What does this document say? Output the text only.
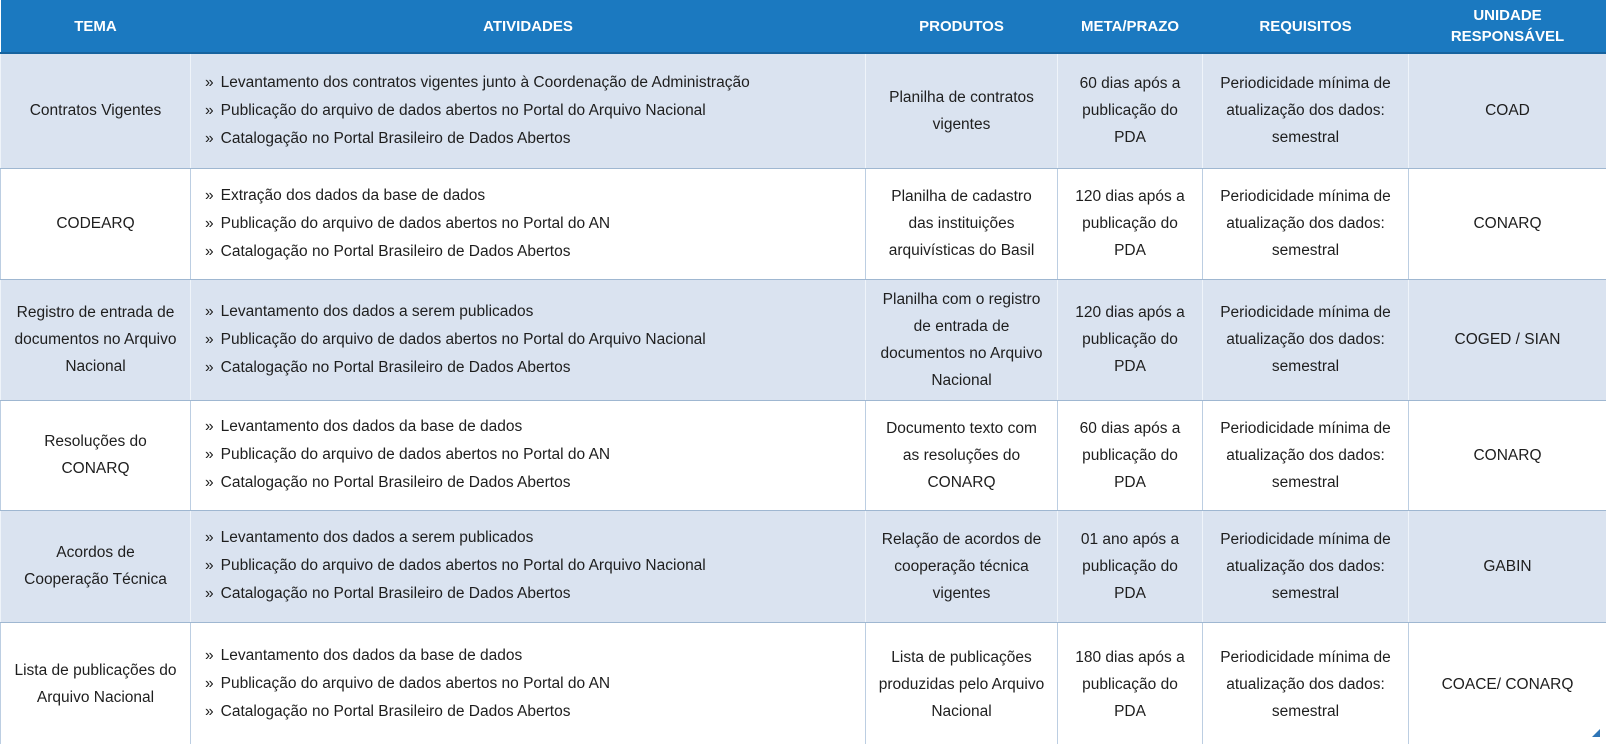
TEMA	ATIVIDADES	PRODUTOS	META/PRAZO	REQUISITOS	UNIDADE RESPONSÁVEL
Contratos Vigentes	» Levantamento dos contratos vigentes junto à Coordenação de Administração
» Publicação do arquivo de dados abertos no Portal do Arquivo Nacional
» Catalogação no Portal Brasileiro de Dados Abertos	Planilha de contratos vigentes	60 dias após a publicação do PDA	Periodicidade mínima de atualização dos dados: semestral	COAD
CODEARQ	» Extração dos dados da base de dados
» Publicação do arquivo de dados abertos no Portal do AN
» Catalogação no Portal Brasileiro de Dados Abertos	Planilha de cadastro das instituições arquivísticas do Basil	120 dias após a publicação do PDA	Periodicidade mínima de atualização dos dados: semestral	CONARQ
Registro de entrada de documentos no Arquivo Nacional	» Levantamento dos dados a serem publicados
» Publicação do arquivo de dados abertos no Portal do Arquivo Nacional
» Catalogação no Portal Brasileiro de Dados Abertos	Planilha com o registro de entrada de documentos no Arquivo Nacional	120 dias após a publicação do PDA	Periodicidade mínima de atualização dos dados: semestral	COGED / SIAN
Resoluções do CONARQ	» Levantamento dos dados da base de dados
» Publicação do arquivo de dados abertos no Portal do AN
» Catalogação no Portal Brasileiro de Dados Abertos	Documento texto com as resoluções do CONARQ	60 dias após a publicação do PDA	Periodicidade mínima de atualização dos dados: semestral	CONARQ
Acordos de Cooperação Técnica	» Levantamento dos dados a serem publicados
» Publicação do arquivo de dados abertos no Portal do Arquivo Nacional
» Catalogação no Portal Brasileiro de Dados Abertos	Relação de acordos de cooperação técnica vigentes	01 ano após a publicação do PDA	Periodicidade mínima de atualização dos dados: semestral	GABIN
Lista de publicações do Arquivo Nacional	» Levantamento dos dados da base de dados
» Publicação do arquivo de dados abertos no Portal do AN
» Catalogação no Portal Brasileiro de Dados Abertos	Lista de publicações produzidas pelo Arquivo Nacional	180 dias após a publicação do PDA	Periodicidade mínima de atualização dos dados: semestral	COACE/ CONARQ
